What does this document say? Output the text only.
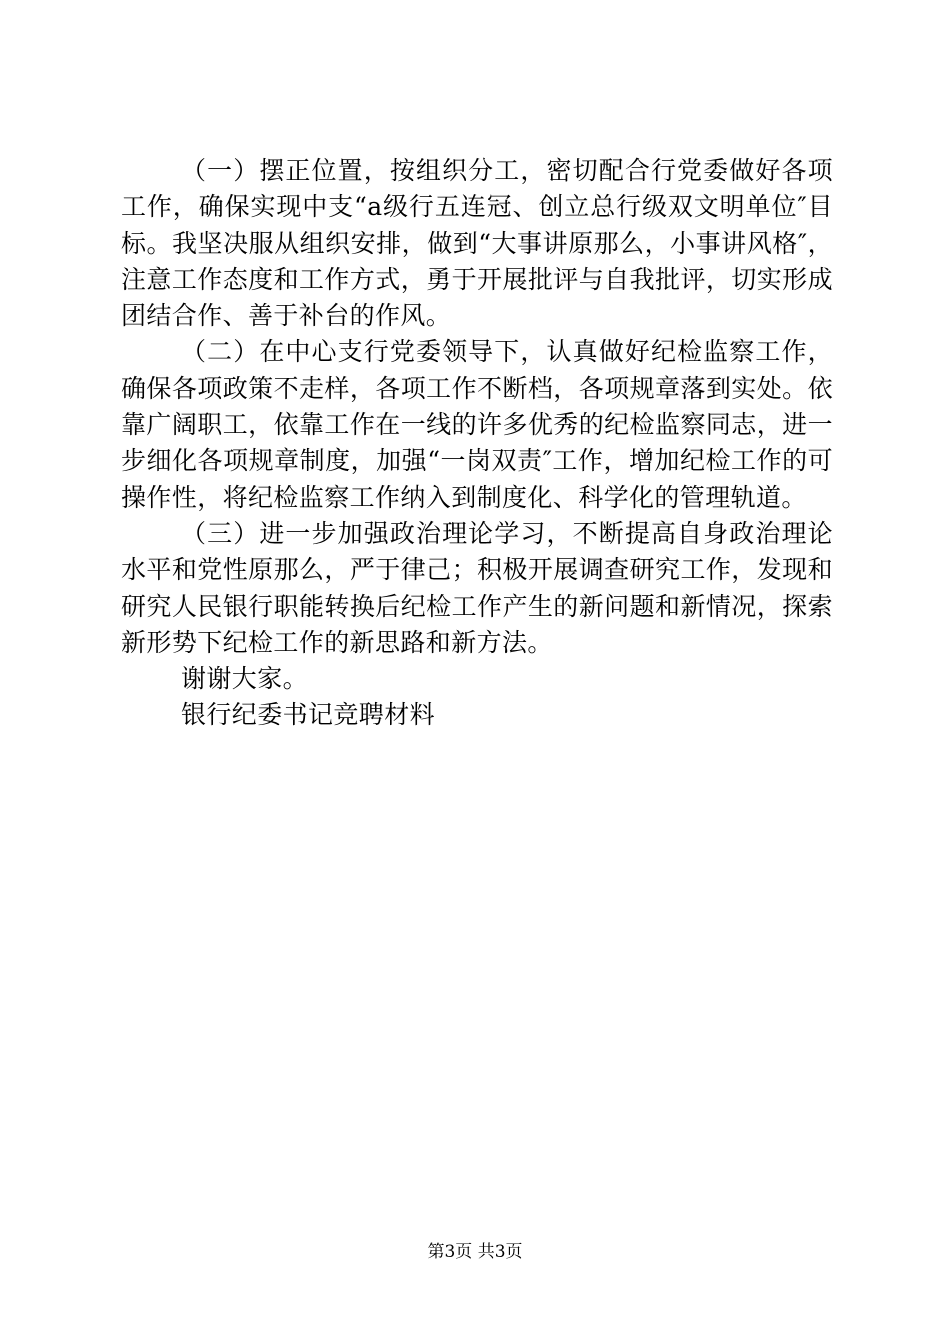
（一）摆正位置，按组织分工，密切配合行党委做好各项工作，确保实现中支“a级行五连冠、创立总行级双文明单位″目标。我坚决服从组织安排，做到“大事讲原那么，小事讲风格″，注意工作态度和工作方式，勇于开展批评与自我批评，切实形成团结合作、善于补台的作风。

（二）在中心支行党委领导下，认真做好纪检监察工作，确保各项政策不走样，各项工作不断档，各项规章落到实处。依靠广阔职工，依靠工作在一线的许多优秀的纪检监察同志，进一步细化各项规章制度，加强“一岗双责″工作，增加纪检工作的可操作性，将纪检监察工作纳入到制度化、科学化的管理轨道。

（三）进一步加强政治理论学习，不断提高自身政治理论水平和党性原那么，严于律己；积极开展调查研究工作，发现和研究人民银行职能转换后纪检工作产生的新问题和新情况，探索新形势下纪检工作的新思路和新方法。

谢谢大家。

银行纪委书记竞聘材料

第3页 共3页
